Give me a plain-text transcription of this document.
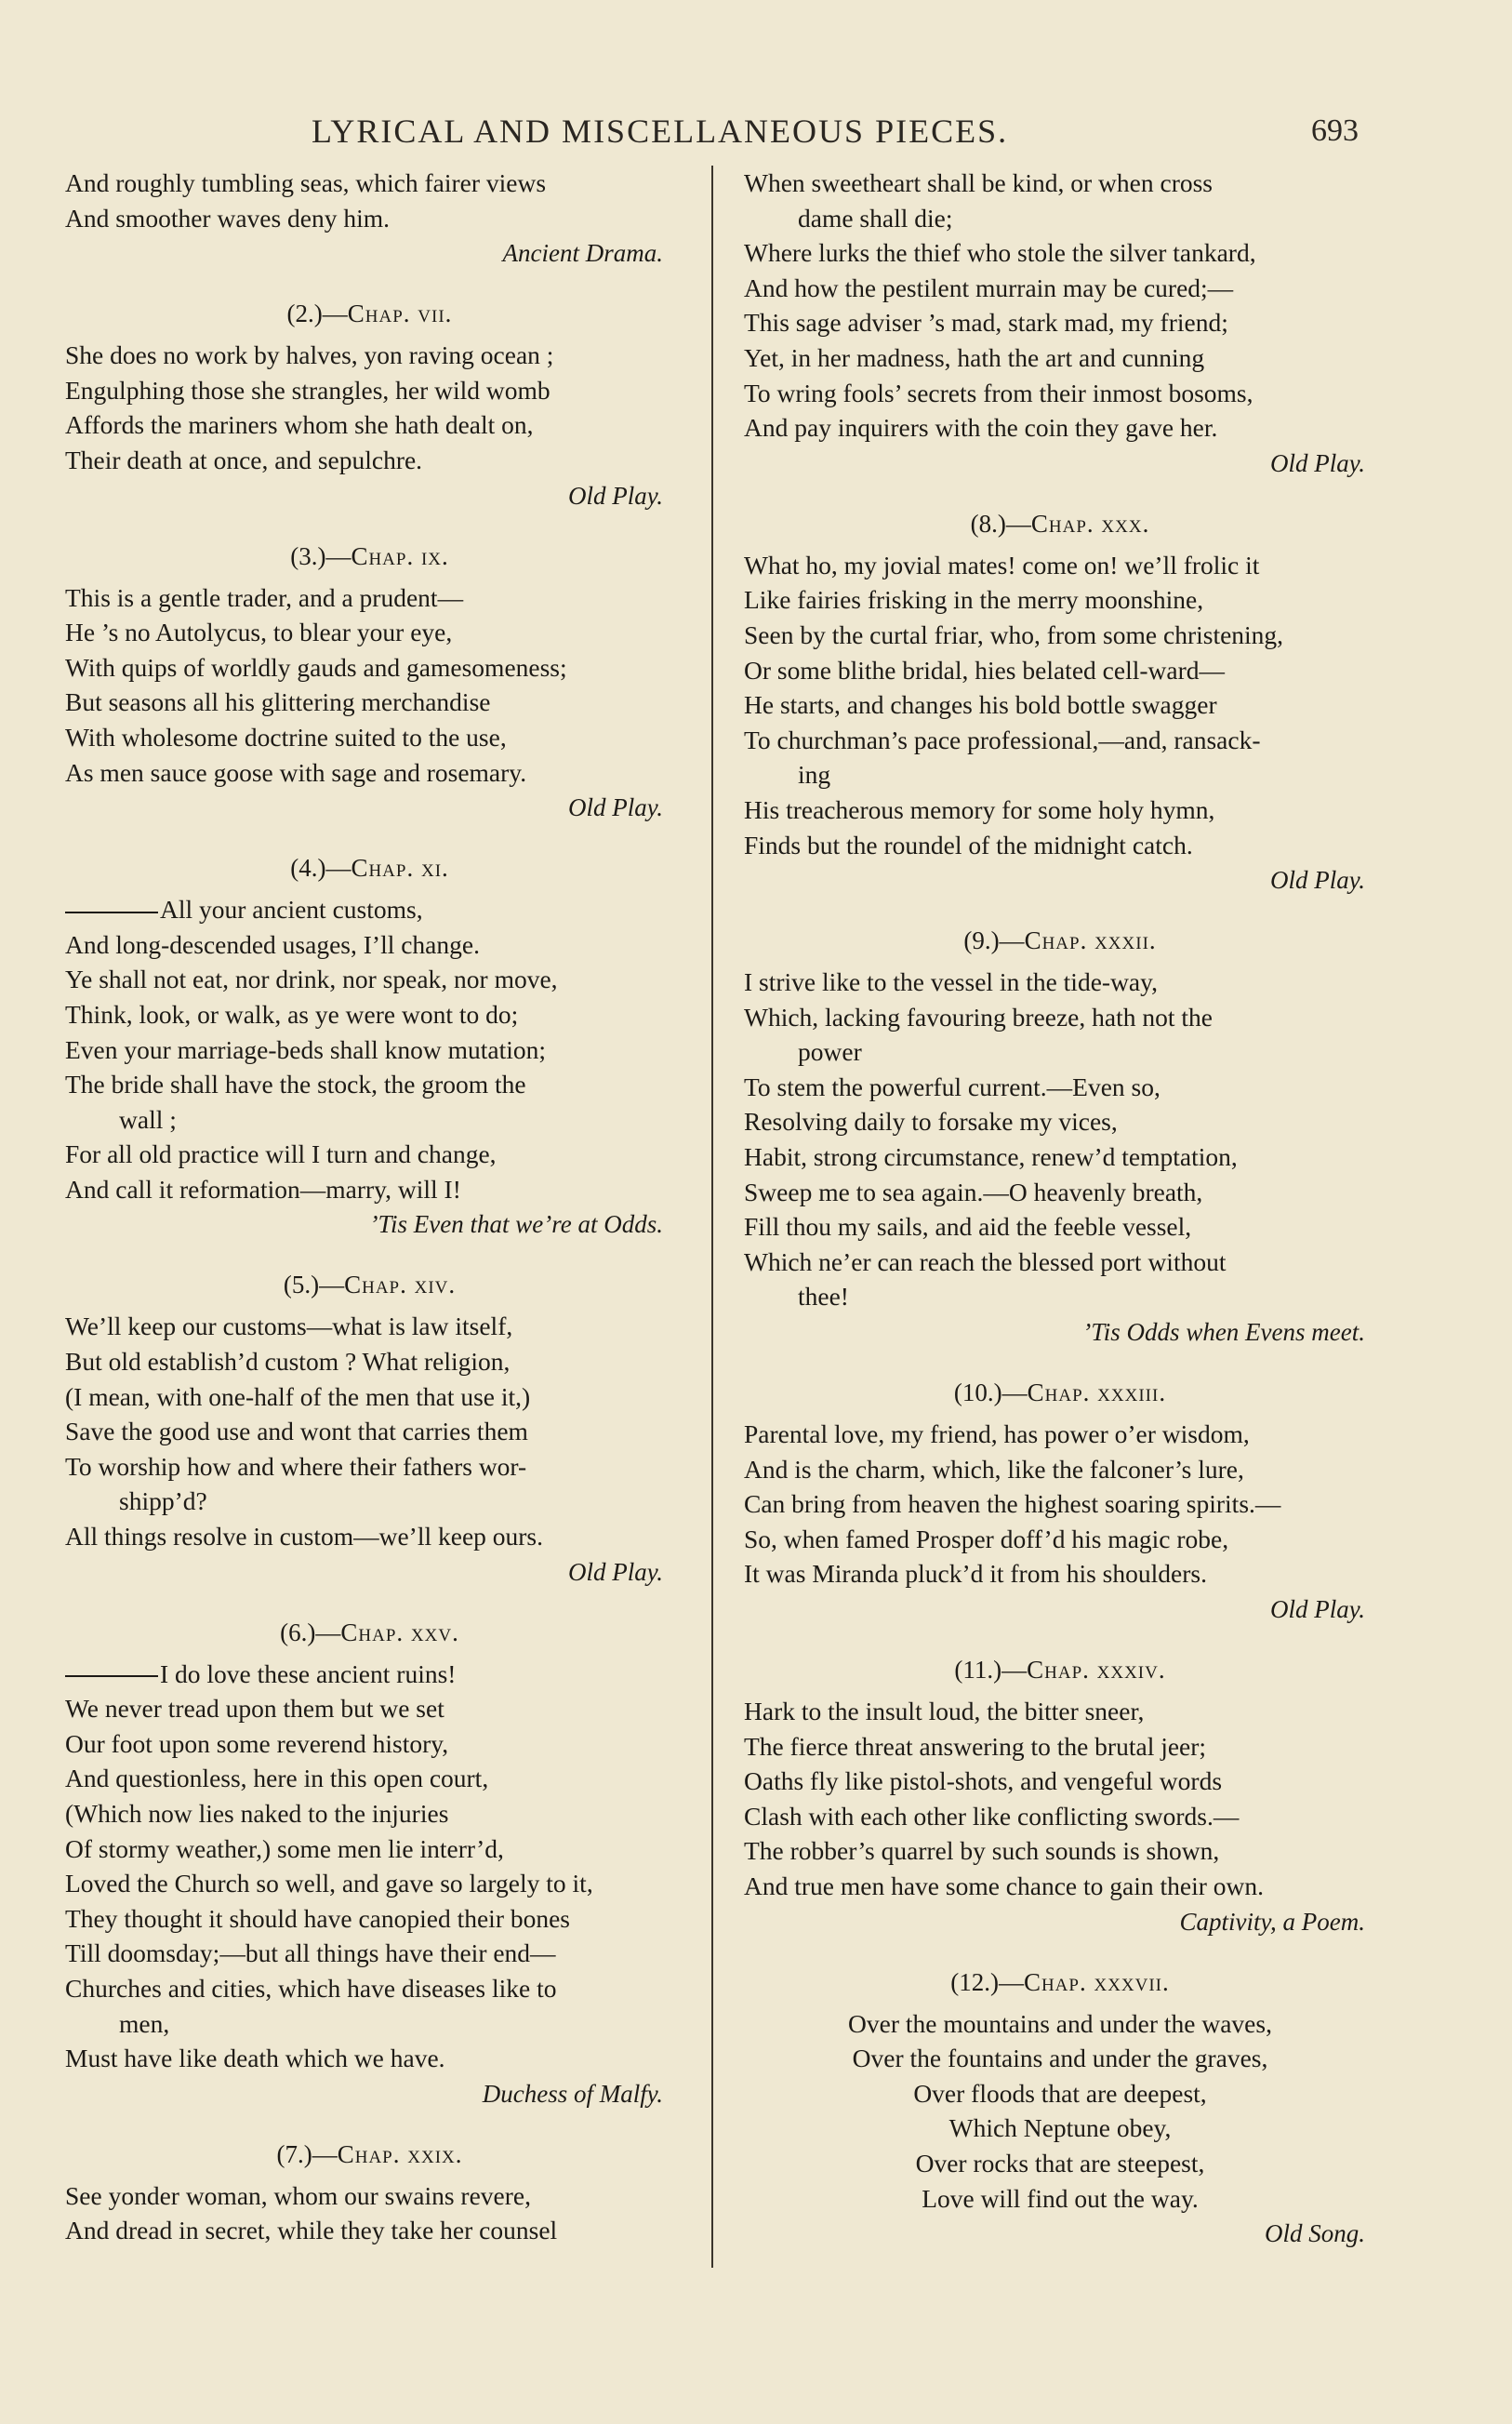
LYRICAL AND MISCELLANEOUS PIECES.	693
And roughly tumbling seas, which fairer views
And smoother waves deny him.
Ancient Drama.
(2.)—Chap. vii.
She does no work by halves, yon raving ocean ;
Engulphing those she strangles, her wild womb
Affords the mariners whom she hath dealt on,
Their death at once, and sepulchre.
Old Play.
(3.)—Chap. ix.
This is a gentle trader, and a prudent—
He ’s no Autolycus, to blear your eye,
With quips of worldly gauds and gamesomeness;
But seasons all his glittering merchandise
With wholesome doctrine suited to the use,
As men sauce goose with sage and rosemary.
Old Play.
(4.)—Chap. xi.
All your ancient customs,
And long-descended usages, I’ll change.
Ye shall not eat, nor drink, nor speak, nor move,
Think, look, or walk, as ye were wont to do;
Even your marriage-beds shall know mutation;
The bride shall have the stock, the groom the
wall ;
For all old practice will I turn and change,
And call it reformation—marry, will I!
’Tis Even that we’re at Odds.
(5.)—Chap. xiv.
We’ll keep our customs—what is law itself,
But old establish’d custom ? What religion,
(I mean, with one-half of the men that use it,)
Save the good use and wont that carries them
To worship how and where their fathers wor-
shipp’d?
All things resolve in custom—we’ll keep ours.
Old Play.
(6.)—Chap. xxv.
I do love these ancient ruins!
We never tread upon them but we set
Our foot upon some reverend history,
And questionless, here in this open court,
(Which now lies naked to the injuries
Of stormy weather,) some men lie interr’d,
Loved the Church so well, and gave so largely to it,
They thought it should have canopied their bones
Till doomsday;—but all things have their end—
Churches and cities, which have diseases like to
men,
Must have like death which we have.
Duchess of Malfy.
(7.)—Chap. xxix.
See yonder woman, whom our swains revere,
And dread in secret, while they take her counsel
When sweetheart shall be kind, or when cross
dame shall die;
Where lurks the thief who stole the silver tankard,
And how the pestilent murrain may be cured;—
This sage adviser ’s mad, stark mad, my friend;
Yet, in her madness, hath the art and cunning
To wring fools’ secrets from their inmost bosoms,
And pay inquirers with the coin they gave her.
Old Play.
(8.)—Chap. xxx.
What ho, my jovial mates! come on! we’ll frolic it
Like fairies frisking in the merry moonshine,
Seen by the curtal friar, who, from some christening,
Or some blithe bridal, hies belated cell-ward—
He starts, and changes his bold bottle swagger
To churchman’s pace professional,—and, ransack-
ing
His treacherous memory for some holy hymn,
Finds but the roundel of the midnight catch.
Old Play.
(9.)—Chap. xxxii.
I strive like to the vessel in the tide-way,
Which, lacking favouring breeze, hath not the
power
To stem the powerful current.—Even so,
Resolving daily to forsake my vices,
Habit, strong circumstance, renew’d temptation,
Sweep me to sea again.—O heavenly breath,
Fill thou my sails, and aid the feeble vessel,
Which ne’er can reach the blessed port without
thee!
’Tis Odds when Evens meet.
(10.)—Chap. xxxiii.
Parental love, my friend, has power o’er wisdom,
And is the charm, which, like the falconer’s lure,
Can bring from heaven the highest soaring spirits.—
So, when famed Prosper doff’d his magic robe,
It was Miranda pluck’d it from his shoulders.
Old Play.
(11.)—Chap. xxxiv.
Hark to the insult loud, the bitter sneer,
The fierce threat answering to the brutal jeer;
Oaths fly like pistol-shots, and vengeful words
Clash with each other like conflicting swords.—
The robber’s quarrel by such sounds is shown,
And true men have some chance to gain their own.
Captivity, a Poem.
(12.)—Chap. xxxvii.
Over the mountains and under the waves,
Over the fountains and under the graves,
Over floods that are deepest,
Which Neptune obey,
Over rocks that are steepest,
Love will find out the way.
Old Song.
